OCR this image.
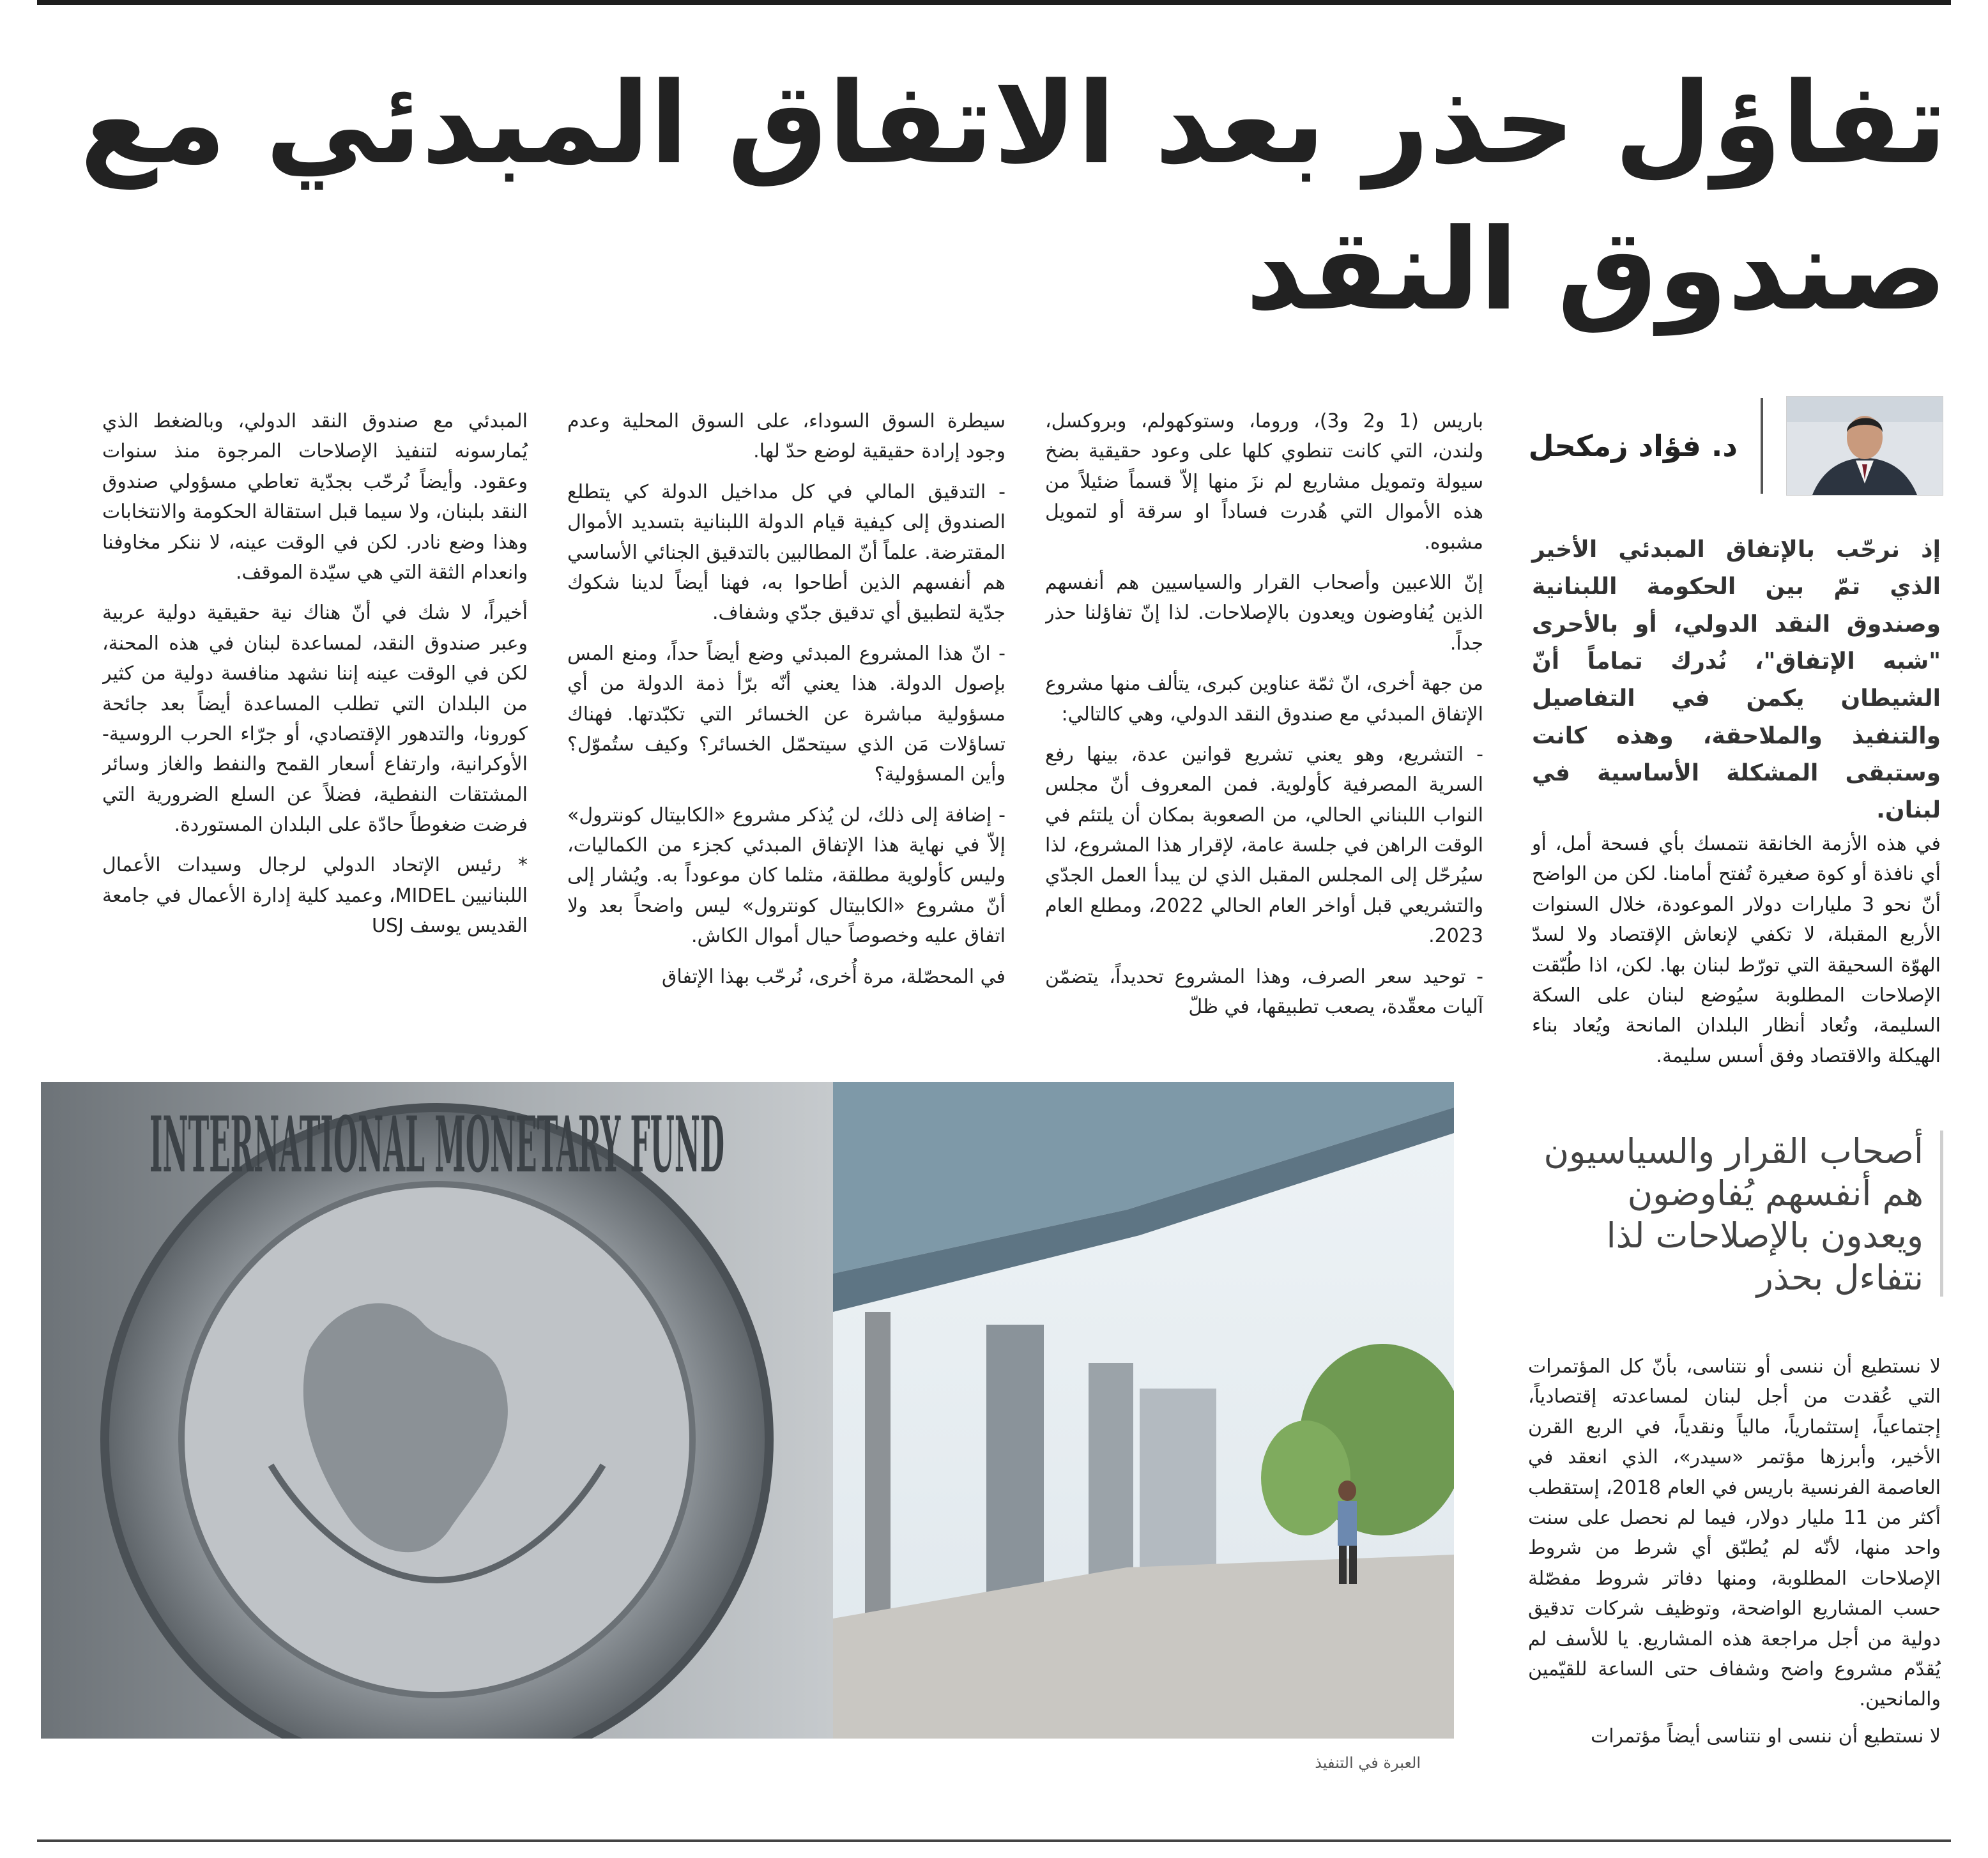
تفاؤل حذر بعد الاتفاق المبدئي مع صندوق النقد
د. فؤاد زمكحل

إذ نرحّب بالإتفاق المبدئي الأخير الذي تمّ بين الحكومة اللبنانية وصندوق النقد الدولي، أو بالأحرى "شبه الإتفاق"، نُدرك تماماً أنّ الشيطان يكمن في التفاصيل والتنفيذ والملاحقة، وهذه كانت وستبقى المشكلة الأساسية في لبنان.

في هذه الأزمة الخانقة نتمسك بأي فسحة أمل، أو أي نافذة أو كوة صغيرة تُفتح أمامنا. لكن من الواضح أنّ نحو 3 مليارات دولار الموعودة، خلال السنوات الأربع المقبلة، لا تكفي لإنعاش الإقتصاد ولا لسدّ الهوّة السحيقة التي تورّط لبنان بها. لكن، اذا طُبّقت الإصلاحات المطلوبة سيُوضع لبنان على السكة السليمة، وتُعاد أنظار البلدان المانحة ويُعاد بناء الهيكلة والاقتصاد وفق أسس سليمة.

أصحاب القرار والسياسيون هم أنفسهم يُفاوضون ويعدون بالإصلاحات لذا نتفاءل بحذر

لا نستطيع أن ننسى أو نتناسى، بأنّ كل المؤتمرات التي عُقدت من أجل لبنان لمساعدته إقتصادياً، إجتماعياً، إستثمارياً، مالياً ونقدياً، في الربع القرن الأخير، وأبرزها مؤتمر «سيدر»، الذي انعقد في العاصمة الفرنسية باريس في العام 2018، إستقطب أكثر من 11 مليار دولار، فيما لم نحصل على سنت واحد منها، لأنّه لم يُطبّق أي شرط من شروط الإصلاحات المطلوبة، ومنها دفاتر شروط مفصّلة حسب المشاريع الواضحة، وتوظيف شركات تدقيق دولية من أجل مراجعة هذه المشاريع. يا للأسف لم يُقدّم مشروع واضح وشفاف حتى الساعة للقيّمين والمانحين.

لا نستطيع أن ننسى او نتناسى أيضاً مؤتمرات

باريس (1 و2 و3)، وروما، وستوكهولم، وبروكسل، ولندن، التي كانت تنطوي كلها على وعود حقيقية بضخ سيولة وتمويل مشاريع لم نزَ منها إلاّ قسماً ضئيلاً من هذه الأموال التي هُدرت فساداً او سرقة أو لتمويل مشبوه.

إنّ اللاعبين وأصحاب القرار والسياسيين هم أنفسهم الذين يُفاوضون ويعدون بالإصلاحات. لذا إنّ تفاؤلنا حذر جداً.

من جهة أخرى، انّ ثمّة عناوين كبرى، يتألف منها مشروع الإتفاق المبدئي مع صندوق النقد الدولي، وهي كالتالي:

- التشريع، وهو يعني تشريع قوانين عدة، بينها رفع السرية المصرفية كأولوية. فمن المعروف أنّ مجلس النواب اللبناني الحالي، من الصعوبة بمكان أن يلتئم في الوقت الراهن في جلسة عامة، لإقرار هذا المشروع، لذا سيُرحّل إلى المجلس المقبل الذي لن يبدأ العمل الجدّي والتشريعي قبل أواخر العام الحالي 2022، ومطلع العام 2023.

- توحيد سعر الصرف، وهذا المشروع تحديداً، يتضمّن آليات معقّدة، يصعب تطبيقها، في ظلّ

سيطرة السوق السوداء، على السوق المحلية وعدم وجود إرادة حقيقية لوضع حدّ لها.

- التدقيق المالي في كل مداخيل الدولة كي يتطلع الصندوق إلى كيفية قيام الدولة اللبنانية بتسديد الأموال المقترضة. علماً أنّ المطالبين بالتدقيق الجنائي الأساسي هم أنفسهم الذين أطاحوا به، فهنا أيضاً لدينا شكوك جدّية لتطبيق أي تدقيق جدّي وشفاف.

- انّ هذا المشروع المبدئي وضع أيضاً حداً، ومنع المس بإصول الدولة. هذا يعني أنّه برّأ ذمة الدولة من أي مسؤولية مباشرة عن الخسائر التي تكبّدتها. فهناك تساؤلات مَن الذي سيتحمّل الخسائر؟ وكيف ستُموّل؟ وأين المسؤولية؟

- إضافة إلى ذلك، لن يُذكر مشروع «الكابيتال كونترول» إلاّ في نهاية هذا الإتفاق المبدئي كجزء من الكماليات، وليس كأولوية مطلقة، مثلما كان موعوداً به. ويُشار إلى أنّ مشروع «الكابيتال كونترول» ليس واضحاً بعد ولا اتفاق عليه وخصوصاً حيال أموال الكاش.

في المحصّلة، مرة أُخرى، نُرحّب بهذا الإتفاق

المبدئي مع صندوق النقد الدولي، وبالضغط الذي يُمارسونه لتنفيذ الإصلاحات المرجوة منذ سنوات وعقود. وأيضاً نُرحّب بجدّية تعاطي مسؤولي صندوق النقد بلبنان، ولا سيما قبل استقالة الحكومة والانتخابات وهذا وضع نادر. لكن في الوقت عينه، لا ننكر مخاوفنا وانعدام الثقة التي هي سيّدة الموقف.

أخيراً، لا شك في أنّ هناك نية حقيقية دولية عربية وعبر صندوق النقد، لمساعدة لبنان في هذه المحنة، لكن في الوقت عينه إننا نشهد منافسة دولية من كثير من البلدان التي تطلب المساعدة أيضاً بعد جائحة كورونا، والتدهور الإقتصادي، أو جرّاء الحرب الروسية- الأوكرانية، وارتفاع أسعار القمح والنفط والغاز وسائر المشتقات النفطية، فضلاً عن السلع الضرورية التي فرضت ضغوطاً حادّة على البلدان المستوردة.

* رئيس الإتحاد الدولي لرجال وسيدات الأعمال اللبنانيين MIDEL، وعميد كلية إدارة الأعمال في جامعة القديس يوسف USJ

INTERNATIONAL MONETARY FUND
العبرة في التنفيذ
